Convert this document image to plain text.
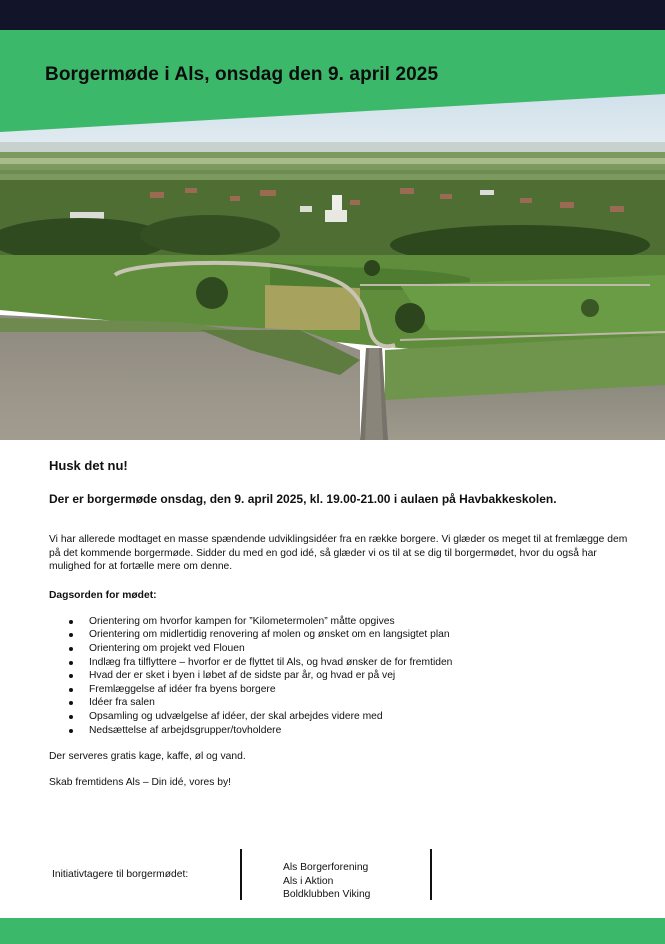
Borgermøde i Als, onsdag den 9. april 2025

Husk det nu!

Der er borgermøde onsdag, den 9. april 2025, kl. 19.00-21.00 i aulaen på Havbakkeskolen.

Vi har allerede modtaget en masse spændende udviklingsidéer fra en række borgere. Vi glæder os meget til at fremlægge dem på det kommende borgermøde. Sidder du med en god idé, så glæder vi os til at se dig til borgermødet, hvor du også har mulighed for at fortælle mere om denne.

Dagsorden for mødet:

Orientering om hvorfor kampen for ”Kilometermolen” måtte opgives
Orientering om midlertidig renovering af molen og ønsket om en langsigtet plan
Orientering om projekt ved Flouen
Indlæg fra tilflyttere – hvorfor er de flyttet til Als, og hvad ønsker de for fremtiden
Hvad der er sket i byen i løbet af de sidste par år, og hvad er på vej
Fremlæggelse af idéer fra byens borgere
Idéer fra salen
Opsamling og udvælgelse af idéer, der skal arbejdes videre med
Nedsættelse af arbejdsgrupper/tovholdere

Der serveres gratis kage, kaffe, øl og vand.

Skab fremtidens Als – Din idé, vores by!

Initiativtagere til borgermødet:
Als Borgerforening
Als i Aktion
Boldklubben Viking
